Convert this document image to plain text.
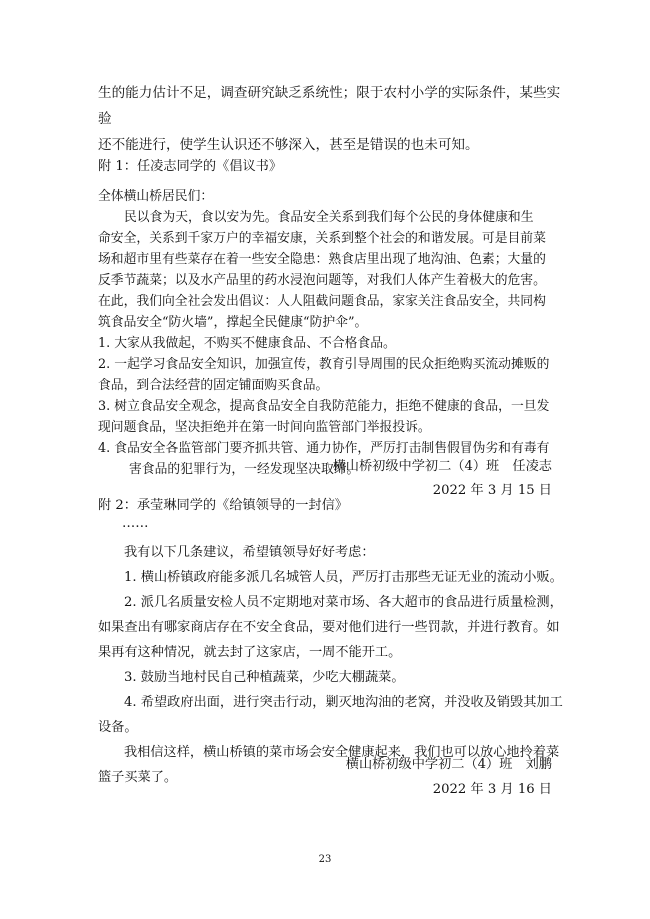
生的能力估计不足，调查研究缺乏系统性；限于农村小学的实际条件，某些实验
还不能进行，使学生认识还不够深入，甚至是错误的也未可知。
附 1：任凌志同学的《倡议书》
全体横山桥居民们：
民以食为天，食以安为先。食品安全关系到我们每个公民的身体健康和生
命安全，关系到千家万户的幸福安康，关系到整个社会的和谐发展。可是目前菜
场和超市里有些菜存在着一些安全隐患：熟食店里出现了地沟油、色素；大量的
反季节蔬菜；以及水产品里的药水浸泡问题等，对我们人体产生着极大的危害。
在此，我们向全社会发出倡议：人人阻截问题食品，家家关注食品安全，共同构
筑食品安全“防火墙”，撑起全民健康“防护伞”。
1. 大家从我做起，不购买不健康食品、不合格食品。
2. 一起学习食品安全知识，加强宣传，教育引导周围的民众拒绝购买流动摊贩的
食品，到合法经营的固定铺面购买食品。
3. 树立食品安全观念，提高食品安全自我防范能力，拒绝不健康的食品，一旦发
现问题食品，坚决拒绝并在第一时间向监管部门举报投诉。
4. 食品安全各监管部门要齐抓共管、通力协作，严厉打击制售假冒伪劣和有毒有
害食品的犯罪行为，一经发现坚决取缔。
横山桥初级中学初二（4）班　任凌志
2022 年 3 月 15 日
附 2：承莹琳同学的《给镇领导的一封信》
……
我有以下几条建议，希望镇领导好好考虑：
1. 横山桥镇政府能多派几名城管人员，严厉打击那些无证无业的流动小贩。
2. 派几名质量安检人员不定期地对菜市场、各大超市的食品进行质量检测，
如果查出有哪家商店存在不安全食品，要对他们进行一些罚款，并进行教育。如
果再有这种情况，就去封了这家店，一周不能开工。
3. 鼓励当地村民自己种植蔬菜，少吃大棚蔬菜。
4. 希望政府出面，进行突击行动，剿灭地沟油的老窝，并没收及销毁其加工
设备。
我相信这样，横山桥镇的菜市场会安全健康起来，我们也可以放心地拎着菜
篮子买菜了。
横山桥初级中学初二（4）班　刘鹏
2022 年 3 月 16 日
23
